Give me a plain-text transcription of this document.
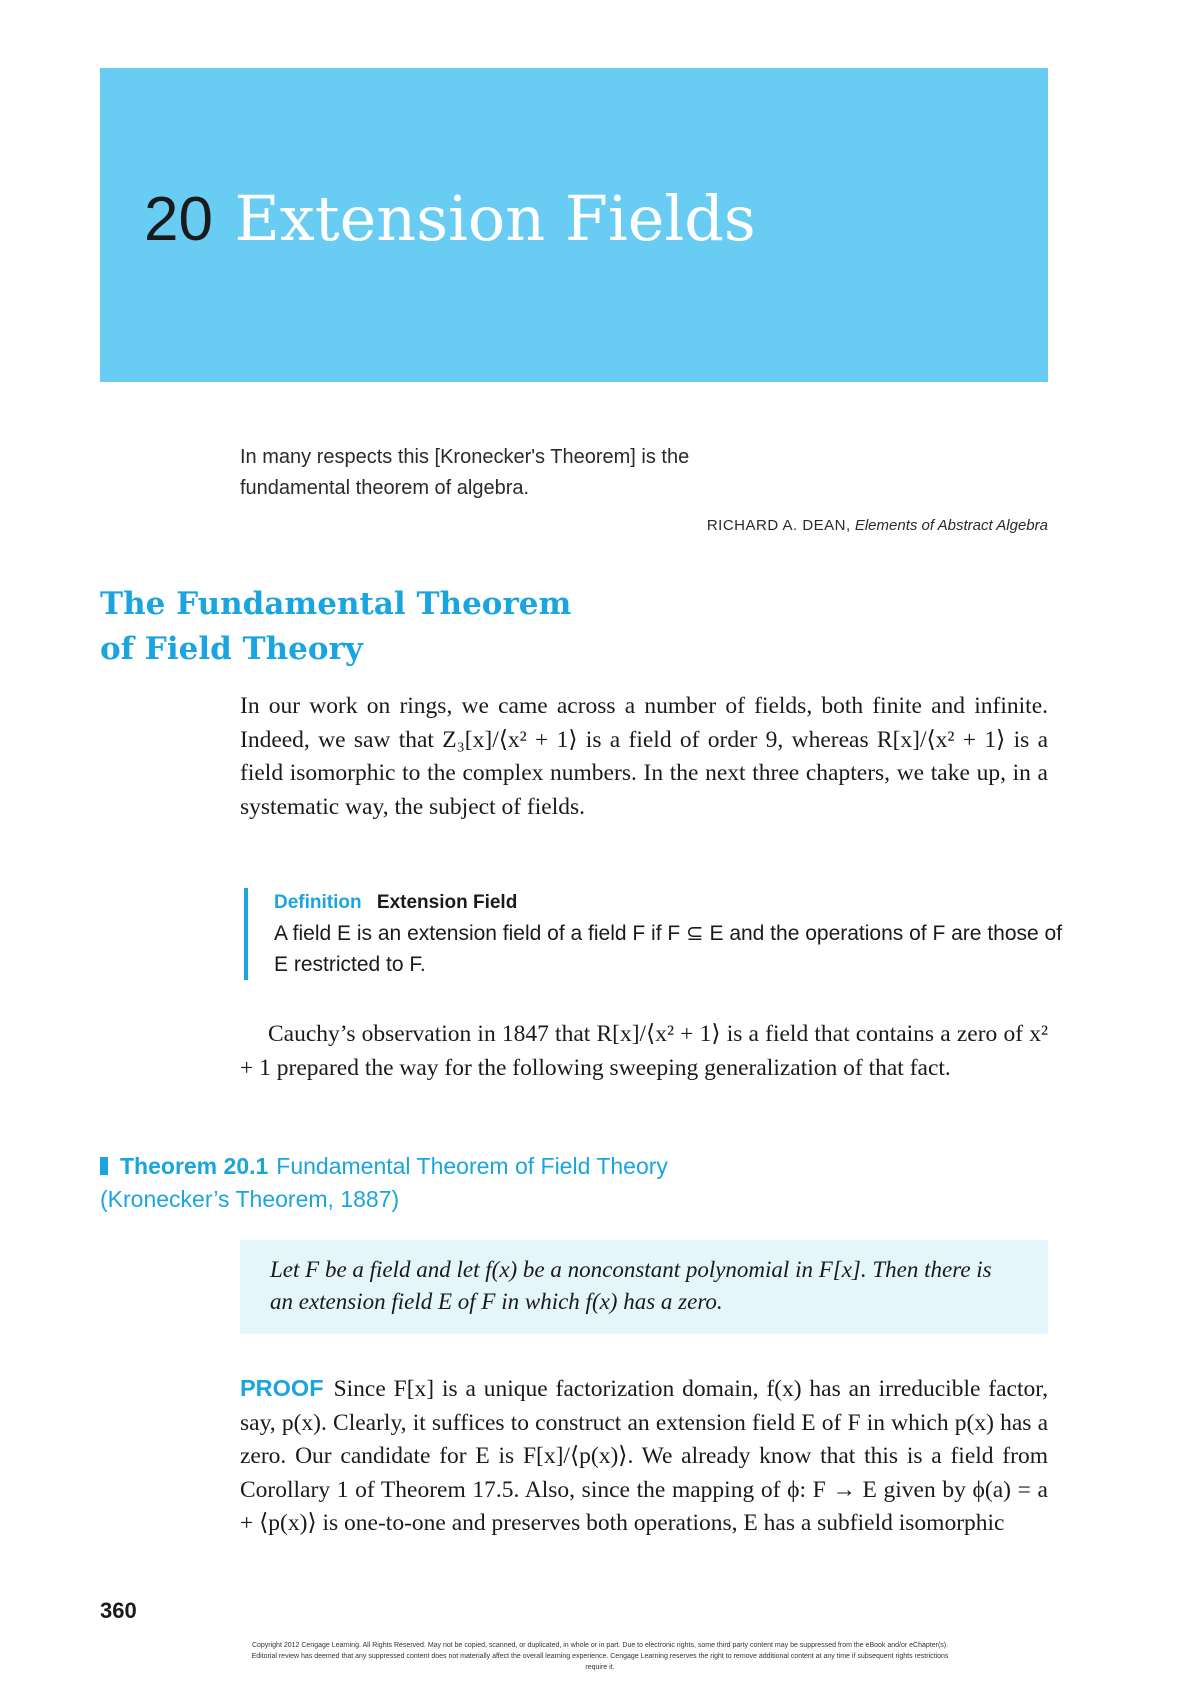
20 Extension Fields
In many respects this [Kronecker's Theorem] is the fundamental theorem of algebra.
RICHARD A. DEAN, Elements of Abstract Algebra
The Fundamental Theorem
of Field Theory

In our work on rings, we came across a number of fields, both finite and infinite. Indeed, we saw that Z₃[x]/⟨x² + 1⟩ is a field of order 9, whereas R[x]/⟨x² + 1⟩ is a field isomorphic to the complex numbers. In the next three chapters, we take up, in a systematic way, the subject of fields.

Definition Extension Field
A field E is an extension field of a field F if F ⊆ E and the operations of F are those of E restricted to F.

Cauchy’s observation in 1847 that R[x]/⟨x² + 1⟩ is a field that contains a zero of x² + 1 prepared the way for the following sweeping generalization of that fact.

Theorem 20.1 Fundamental Theorem of Field Theory
(Kronecker’s Theorem, 1887)
Let F be a field and let f(x) be a nonconstant polynomial in F[x]. Then there is an extension field E of F in which f(x) has a zero.

PROOF Since F[x] is a unique factorization domain, f(x) has an irreducible factor, say, p(x). Clearly, it suffices to construct an extension field E of F in which p(x) has a zero. Our candidate for E is F[x]/⟨p(x)⟩. We already know that this is a field from Corollary 1 of Theorem 17.5. Also, since the mapping of ϕ: F → E given by ϕ(a) = a + ⟨p(x)⟩ is one-to-one and preserves both operations, E has a subfield isomorphic

360
Copyright 2012 Cengage Learning. All Rights Reserved. May not be copied, scanned, or duplicated, in whole or in part. Due to electronic rights, some third party content may be suppressed from the eBook and/or eChapter(s). Editorial review has deemed that any suppressed content does not materially affect the overall learning experience. Cengage Learning reserves the right to remove additional content at any time if subsequent rights restrictions require it.
